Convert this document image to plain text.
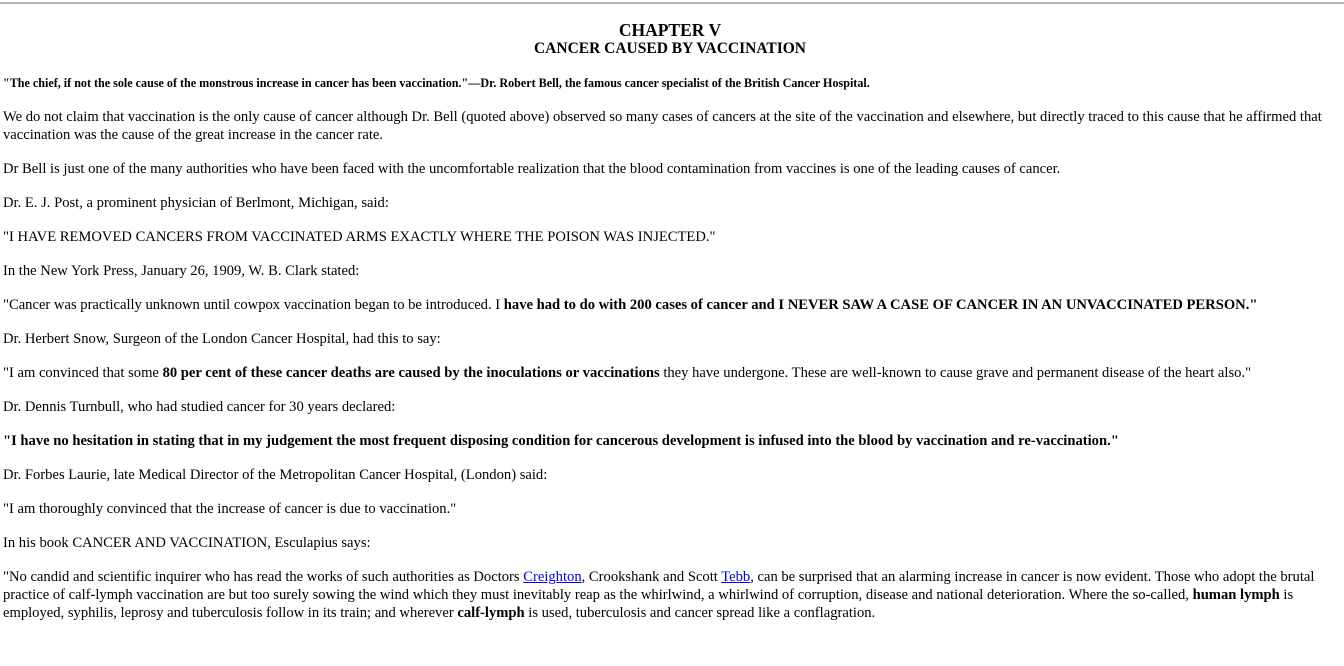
CHAPTER V
CANCER CAUSED BY VACCINATION
"The chief, if not the sole cause of the monstrous increase in cancer has been vaccination."—Dr. Robert Bell, the famous cancer specialist of the British Cancer Hospital.

We do not claim that vaccination is the only cause of cancer although Dr. Bell (quoted above) observed so many cases of cancers at the site of the vaccination and elsewhere, but directly traced to this cause that he affirmed that vaccination was the cause of the great increase in the cancer rate.

Dr Bell is just one of the many authorities who have been faced with the uncomfortable realization that the blood contamination from vaccines is one of the leading causes of cancer.

Dr. E. J. Post, a prominent physician of Berlmont, Michigan, said:

"I HAVE REMOVED CANCERS FROM VACCINATED ARMS EXACTLY WHERE THE POISON WAS INJECTED."

In the New York Press, January 26, 1909, W. B. Clark stated:

"Cancer was practically unknown until cowpox vaccination began to be introduced. I have had to do with 200 cases of cancer and I NEVER SAW A CASE OF CANCER IN AN UNVACCINATED PERSON."

Dr. Herbert Snow, Surgeon of the London Cancer Hospital, had this to say:

"I am convinced that some 80 per cent of these cancer deaths are caused by the inoculations or vaccinations they have undergone. These are well-known to cause grave and permanent disease of the heart also."

Dr. Dennis Turnbull, who had studied cancer for 30 years declared:

"I have no hesitation in stating that in my judgement the most frequent disposing condition for cancerous development is infused into the blood by vaccination and re-vaccination."

Dr. Forbes Laurie, late Medical Director of the Metropolitan Cancer Hospital, (London) said:

"I am thoroughly convinced that the increase of cancer is due to vaccination."

In his book CANCER AND VACCINATION, Esculapius says:

"No candid and scientific inquirer who has read the works of such authorities as Doctors Creighton, Crookshank and Scott Tebb, can be surprised that an alarming increase in cancer is now evident. Those who adopt the brutal practice of calf-lymph vaccination are but too surely sowing the wind which they must inevitably reap as the whirlwind, a whirlwind of corruption, disease and national deterioration. Where the so-called, human lymph is employed, syphilis, leprosy and tuberculosis follow in its train; and wherever calf-lymph is used, tuberculosis and cancer spread like a conflagration.
